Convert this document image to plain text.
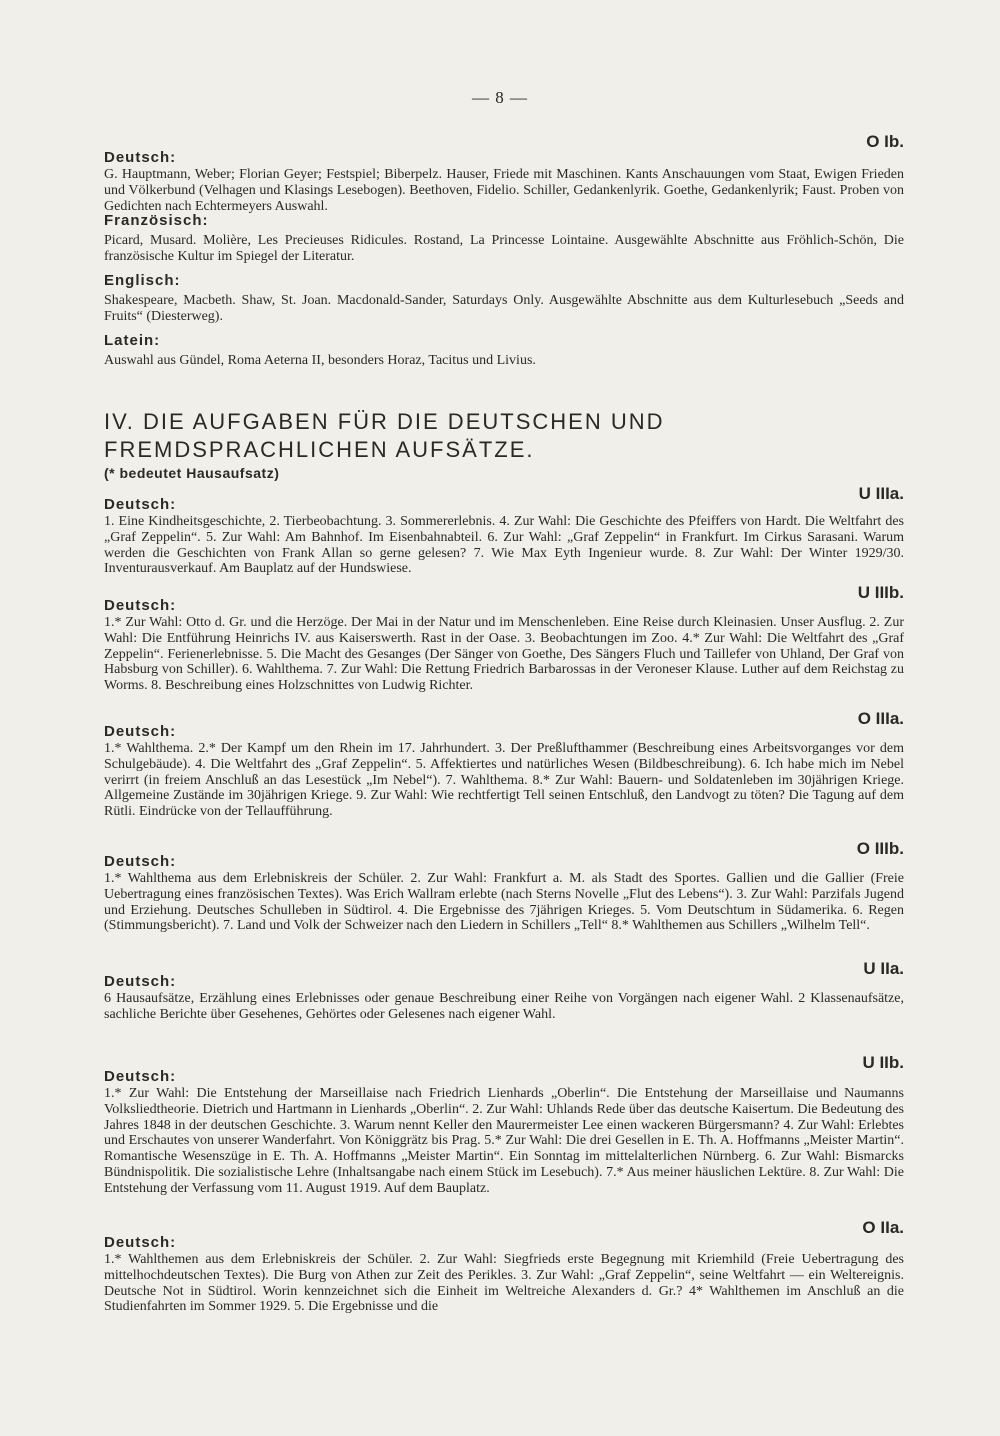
— 8 —
O Ib.
Deutsch:

G. Hauptmann, Weber; Florian Geyer; Festspiel; Biberpelz. Hauser, Friede mit Maschinen. Kants Anschauungen vom Staat, Ewigen Frieden und Völkerbund (Velhagen und Klasings Lesebogen). Beethoven, Fidelio. Schiller, Gedankenlyrik. Goethe, Gedankenlyrik; Faust. Proben von Gedichten nach Echtermeyers Auswahl.

Französisch:

Picard, Musard. Molière, Les Precieuses Ridicules. Rostand, La Princesse Lointaine. Ausgewählte Abschnitte aus Fröhlich-Schön, Die französische Kultur im Spiegel der Literatur.

Englisch:

Shakespeare, Macbeth. Shaw, St. Joan. Macdonald-Sander, Saturdays Only. Ausgewählte Abschnitte aus dem Kulturlesebuch „Seeds and Fruits“ (Diesterweg).

Latein:

Auswahl aus Gündel, Roma Aeterna II, besonders Horaz, Tacitus und Livius.

IV. DIE AUFGABEN FÜR DIE DEUTSCHEN UND
FREMDSPRACHLICHEN AUFSÄTZE.
(* bedeutet Hausaufsatz)
U IIIa.
Deutsch:

1. Eine Kindheitsgeschichte, 2. Tierbeobachtung. 3. Sommererlebnis. 4. Zur Wahl: Die Geschichte des Pfeiffers von Hardt. Die Weltfahrt des „Graf Zeppelin“. 5. Zur Wahl: Am Bahnhof. Im Eisenbahnabteil. 6. Zur Wahl: „Graf Zeppelin“ in Frankfurt. Im Cirkus Sarasani. Warum werden die Geschichten von Frank Allan so gerne gelesen? 7. Wie Max Eyth Ingenieur wurde. 8. Zur Wahl: Der Winter 1929/30. Inventurausverkauf. Am Bauplatz auf der Hundswiese.

U IIIb.
Deutsch:

1.* Zur Wahl: Otto d. Gr. und die Herzöge. Der Mai in der Natur und im Menschenleben. Eine Reise durch Kleinasien. Unser Ausflug. 2. Zur Wahl: Die Entführung Heinrichs IV. aus Kaiserswerth. Rast in der Oase. 3. Beobachtungen im Zoo. 4.* Zur Wahl: Die Weltfahrt des „Graf Zeppelin“. Ferienerlebnisse. 5. Die Macht des Gesanges (Der Sänger von Goethe, Des Sängers Fluch und Taillefer von Uhland, Der Graf von Habsburg von Schiller). 6. Wahlthema. 7. Zur Wahl: Die Rettung Friedrich Barbarossas in der Veroneser Klause. Luther auf dem Reichstag zu Worms. 8. Beschreibung eines Holzschnittes von Ludwig Richter.

O IIIa.
Deutsch:

1.* Wahlthema. 2.* Der Kampf um den Rhein im 17. Jahrhundert. 3. Der Preßlufthammer (Beschreibung eines Arbeitsvorganges vor dem Schulgebäude). 4. Die Weltfahrt des „Graf Zeppelin“. 5. Affektiertes und natürliches Wesen (Bildbeschreibung). 6. Ich habe mich im Nebel verirrt (in freiem Anschluß an das Lesestück „Im Nebel“). 7. Wahlthema. 8.* Zur Wahl: Bauern- und Soldatenleben im 30jährigen Kriege. Allgemeine Zustände im 30jährigen Kriege. 9. Zur Wahl: Wie rechtfertigt Tell seinen Entschluß, den Landvogt zu töten? Die Tagung auf dem Rütli. Eindrücke von der Tellaufführung.

O IIIb.
Deutsch:

1.* Wahlthema aus dem Erlebniskreis der Schüler. 2. Zur Wahl: Frankfurt a. M. als Stadt des Sportes. Gallien und die Gallier (Freie Uebertragung eines französischen Textes). Was Erich Wallram erlebte (nach Sterns Novelle „Flut des Lebens“). 3. Zur Wahl: Parzifals Jugend und Erziehung. Deutsches Schulleben in Südtirol. 4. Die Ergebnisse des 7jährigen Krieges. 5. Vom Deutschtum in Südamerika. 6. Regen (Stimmungsbericht). 7. Land und Volk der Schweizer nach den Liedern in Schillers „Tell“ 8.* Wahlthemen aus Schillers „Wilhelm Tell“.

U IIa.
Deutsch:

6 Hausaufsätze, Erzählung eines Erlebnisses oder genaue Beschreibung einer Reihe von Vorgängen nach eigener Wahl. 2 Klassenaufsätze, sachliche Berichte über Gesehenes, Gehörtes oder Gelesenes nach eigener Wahl.

U IIb.
Deutsch:

1.* Zur Wahl: Die Entstehung der Marseillaise nach Friedrich Lienhards „Oberlin“. Die Entstehung der Marseillaise und Naumanns Volksliedtheorie. Dietrich und Hartmann in Lienhards „Oberlin“. 2. Zur Wahl: Uhlands Rede über das deutsche Kaisertum. Die Bedeutung des Jahres 1848 in der deutschen Geschichte. 3. Warum nennt Keller den Maurermeister Lee einen wackeren Bürgersmann? 4. Zur Wahl: Erlebtes und Erschautes von unserer Wanderfahrt. Von Königgrätz bis Prag. 5.* Zur Wahl: Die drei Gesellen in E. Th. A. Hoffmanns „Meister Martin“. Romantische Wesenszüge in E. Th. A. Hoffmanns „Meister Martin“. Ein Sonntag im mittelalterlichen Nürnberg. 6. Zur Wahl: Bismarcks Bündnispolitik. Die sozialistische Lehre (Inhaltsangabe nach einem Stück im Lesebuch). 7.* Aus meiner häuslichen Lektüre. 8. Zur Wahl: Die Entstehung der Verfassung vom 11. August 1919. Auf dem Bauplatz.

O IIa.
Deutsch:

1.* Wahlthemen aus dem Erlebniskreis der Schüler. 2. Zur Wahl: Siegfrieds erste Begegnung mit Kriemhild (Freie Uebertragung des mittelhochdeutschen Textes). Die Burg von Athen zur Zeit des Perikles. 3. Zur Wahl: „Graf Zeppelin“, seine Weltfahrt — ein Weltereignis. Deutsche Not in Südtirol. Worin kennzeichnet sich die Einheit im Weltreiche Alexanders d. Gr.? 4* Wahlthemen im Anschluß an die Studienfahrten im Sommer 1929. 5. Die Ergebnisse und die
